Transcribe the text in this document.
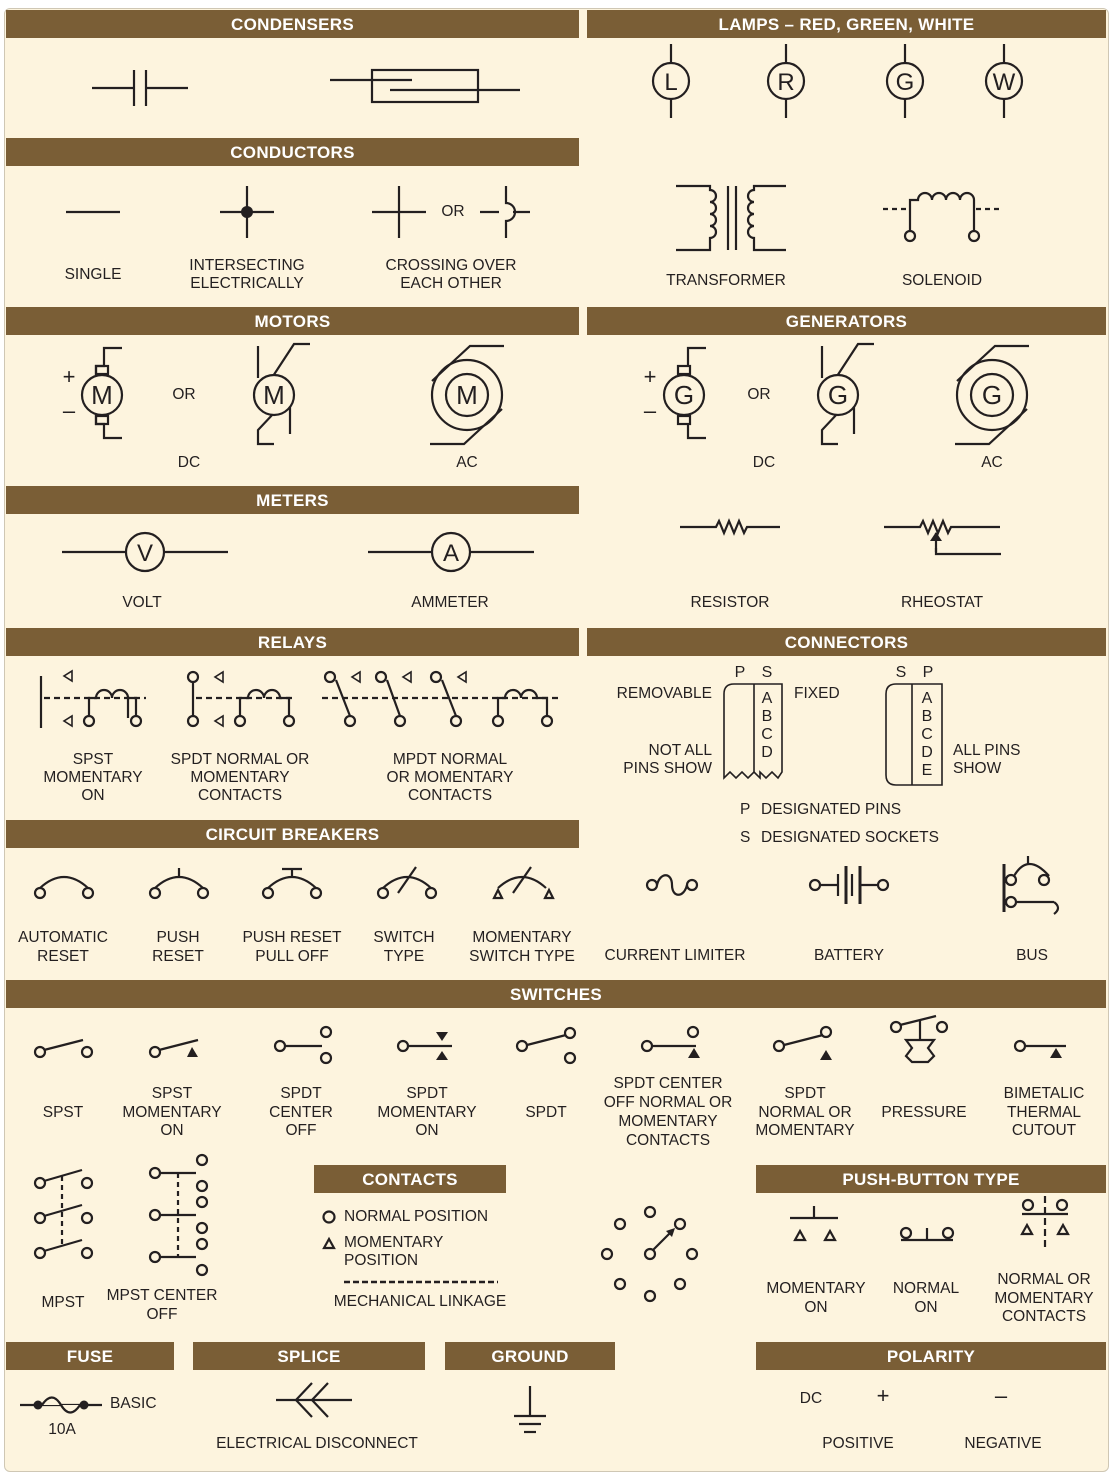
CONDENSERS	LAMPS – RED, GREEN, WHITE
CONDUCTORS
MOTORS	GENERATORS
METERS
RELAYS	CONNECTORS
CIRCUIT BREAKERS
SWITCHES
CONTACTS	PUSH-BUTTON TYPE
FUSE	SPLICE	GROUND	POLARITY
L	R	G	W
M	M	M	G	G	G
V	A
P S
A
B
C
D
S P
A
B
C
D
E
SINGLE
INTERSECTING
ELECTRICALLY
OR
CROSSING OVER
EACH OTHER	TRANSFORMER	SOLENOID
+
–
OR
DC	AC
+
–
OR
DC	AC
VOLT	AMMETER	RESISTOR	RHEOSTAT
SPST
MOMENTARY
ON
SPDT NORMAL OR
MOMENTARY
CONTACTS
MPDT NORMAL
OR MOMENTARY
CONTACTS
REMOVABLE	FIXED
NOT ALL
PINS SHOW
ALL PINS
SHOW
P DESIGNATED PINS
S DESIGNATED SOCKETS
AUTOMATIC
RESET
PUSH
RESET
PUSH RESET
PULL OFF
SWITCH
TYPE
MOMENTARY
SWITCH TYPE	CURRENT LIMITER	BATTERY	BUS
SPST
SPST
MOMENTARY
ON
SPDT
CENTER
OFF
SPDT
MOMENTARY
ON
SPDT
SPDT CENTER
OFF NORMAL OR
MOMENTARY
CONTACTS
SPDT
NORMAL OR
MOMENTARY
PRESSURE
BIMETALIC
THERMAL
CUTOUT
MPST	MPST CENTER
OFF
NORMAL POSITION
MOMENTARY
POSITION
MECHANICAL LINKAGE
MOMENTARY
ON
NORMAL
ON
NORMAL OR
MOMENTARY
CONTACTS
BASIC
10A
ELECTRICAL DISCONNECT
DC	+	–
POSITIVE	NEGATIVE
